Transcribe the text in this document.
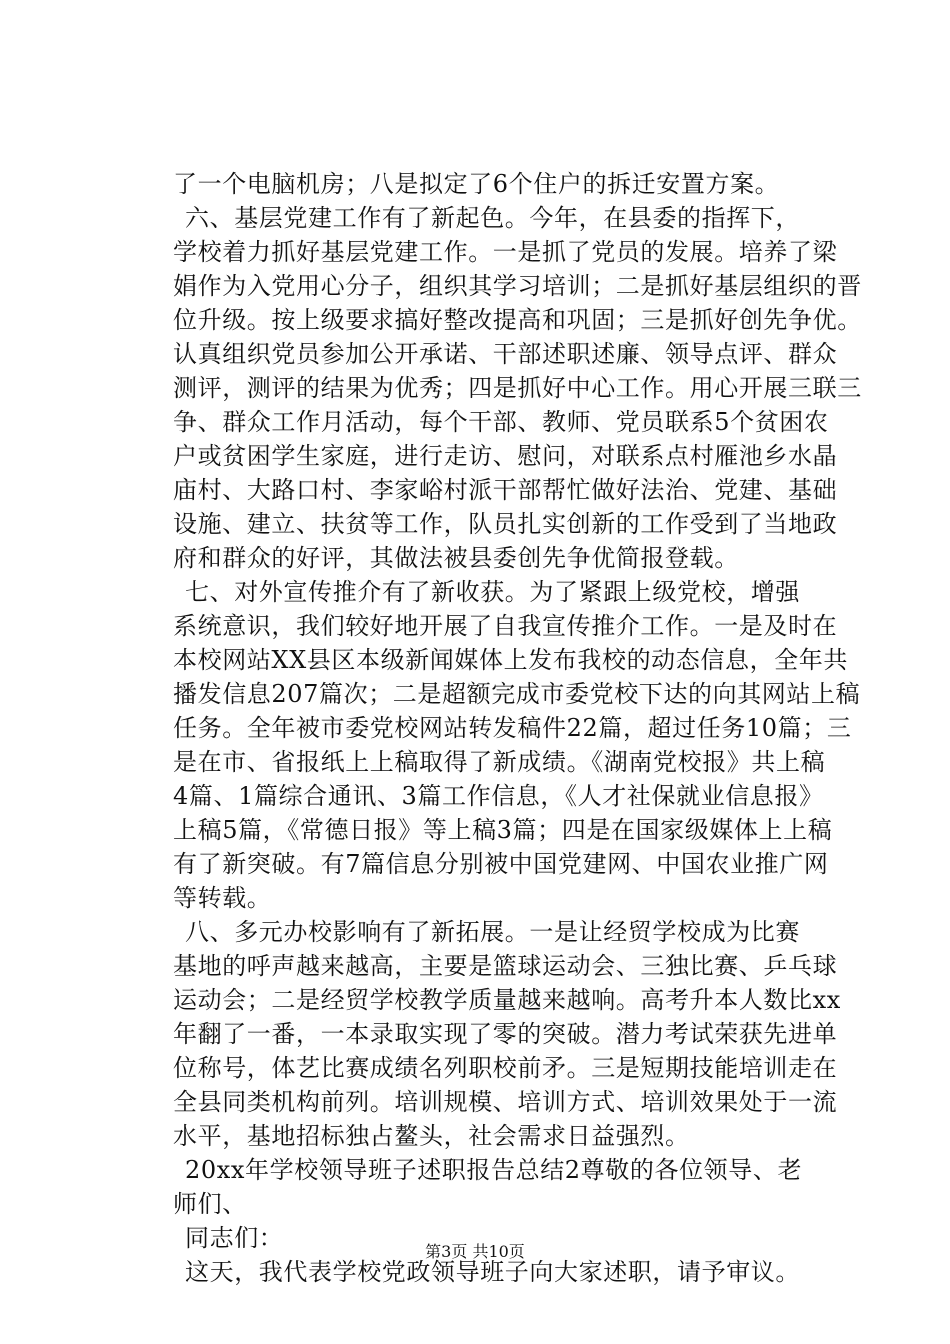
了一个电脑机房；八是拟定了6个住户的拆迁安置方案。
六、基层党建工作有了新起色。今年，在县委的指挥下，
学校着力抓好基层党建工作。一是抓了党员的发展。培养了梁
娟作为入党用心分子，组织其学习培训；二是抓好基层组织的晋
位升级。按上级要求搞好整改提高和巩固；三是抓好创先争优。
认真组织党员参加公开承诺、干部述职述廉、领导点评、群众
测评，测评的结果为优秀；四是抓好中心工作。用心开展三联三
争、群众工作月活动，每个干部、教师、党员联系5个贫困农
户或贫困学生家庭，进行走访、慰问，对联系点村雁池乡水晶
庙村、大路口村、李家峪村派干部帮忙做好法治、党建、基础
设施、建立、扶贫等工作，队员扎实创新的工作受到了当地政
府和群众的好评，其做法被县委创先争优简报登载。
七、对外宣传推介有了新收获。为了紧跟上级党校，增强
系统意识，我们较好地开展了自我宣传推介工作。一是及时在
本校网站XX县区本级新闻媒体上发布我校的动态信息，全年共
播发信息207篇次；二是超额完成市委党校下达的向其网站上稿
任务。全年被市委党校网站转发稿件22篇，超过任务10篇；三
是在市、省报纸上上稿取得了新成绩。《湖南党校报》共上稿
4篇、1篇综合通讯、3篇工作信息，《人才社保就业信息报》
上稿5篇，《常德日报》等上稿3篇；四是在国家级媒体上上稿
有了新突破。有7篇信息分别被中国党建网、中国农业推广网
等转载。
八、多元办校影响有了新拓展。一是让经贸学校成为比赛
基地的呼声越来越高，主要是篮球运动会、三独比赛、乒乓球
运动会；二是经贸学校教学质量越来越响。高考升本人数比xx
年翻了一番，一本录取实现了零的突破。潜力考试荣获先进单
位称号，体艺比赛成绩名列职校前矛。三是短期技能培训走在
全县同类机构前列。培训规模、培训方式、培训效果处于一流
水平，基地招标独占鳌头，社会需求日益强烈。
20xx年学校领导班子述职报告总结2尊敬的各位领导、老
师们、
同志们：
这天，我代表学校党政领导班子向大家述职，请予审议。
第3页 共10页
